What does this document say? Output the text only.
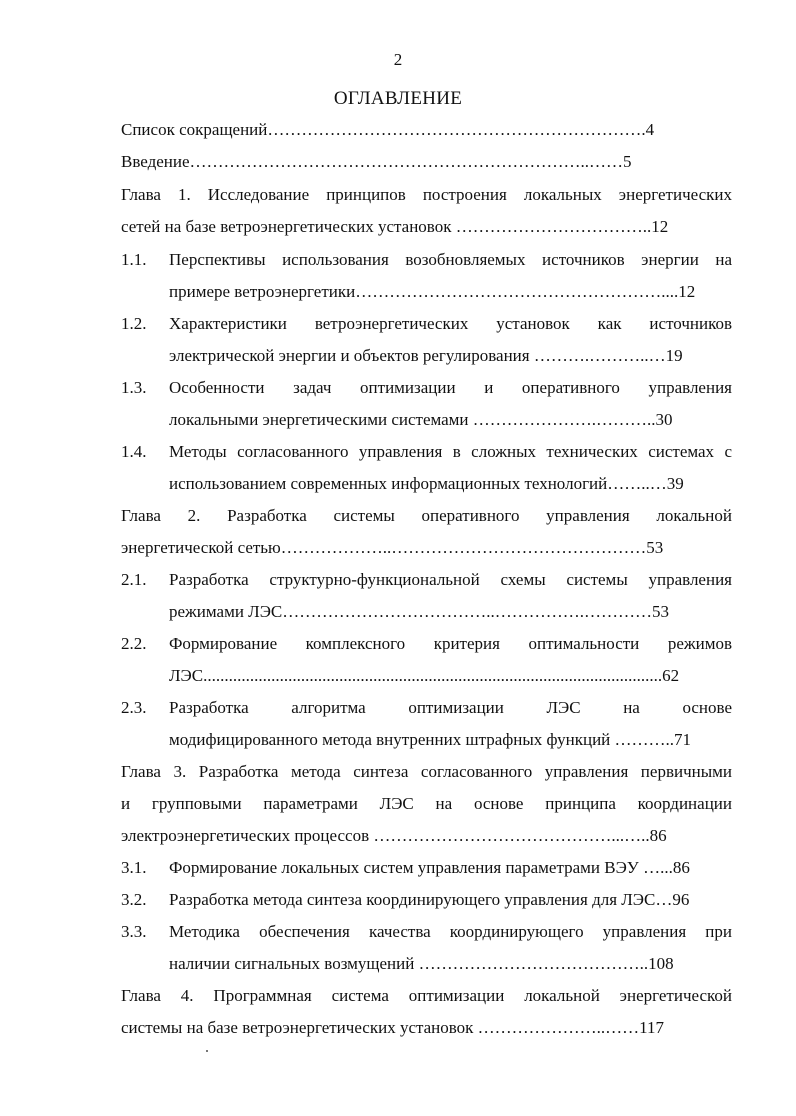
2
ОГЛАВЛЕНИЕ
Список сокращений………………………………………………………….4
Введение……………………………………………………………..……5
Глава 1. Исследование принципов построения локальных энергетических
сетей на базе ветроэнергетических установок ……………………………..12
1.1.	Перспективы использования возобновляемых источников энергии на
примере ветроэнергетики………………………………………………....12
1.2.	Характеристики ветроэнергетических установок как источников
электрической энергии и объектов регулирования ……….………..…19
1.3.	Особенности задач оптимизации и оперативного управления
локальными энергетическими системами ………………….………..30
1.4.	Методы согласованного управления в сложных технических системах с
использованием современных информационных технологий……..…39
Глава 2. Разработка системы оперативного управления локальной
энергетической сетью………………..………………………………………53
2.1.	Разработка структурно-функциональной схемы системы управления
режимами ЛЭС………………………………..…………….…………53
2.2.	Формирование комплексного критерия оптимальности режимов
ЛЭС............................................................................................................62
2.3.	Разработка алгоритма оптимизации ЛЭС на основе
модифицированного метода внутренних штрафных функций ………..71
Глава 3. Разработка метода синтеза согласованного управления первичными
и групповыми параметрами ЛЭС на основе принципа координации
электроэнергетических процессов ……………………………………...…..86
3.1.	Формирование локальных систем управления параметрами ВЭУ …...86
3.2.	Разработка метода синтеза координирующего управления для ЛЭС…96
3.3.	Методика обеспечения качества координирующего управления при
наличии сигнальных возмущений …………………………………..108
Глава 4. Программная система оптимизации локальной энергетической
системы на базе ветроэнергетических установок …………………..……117
